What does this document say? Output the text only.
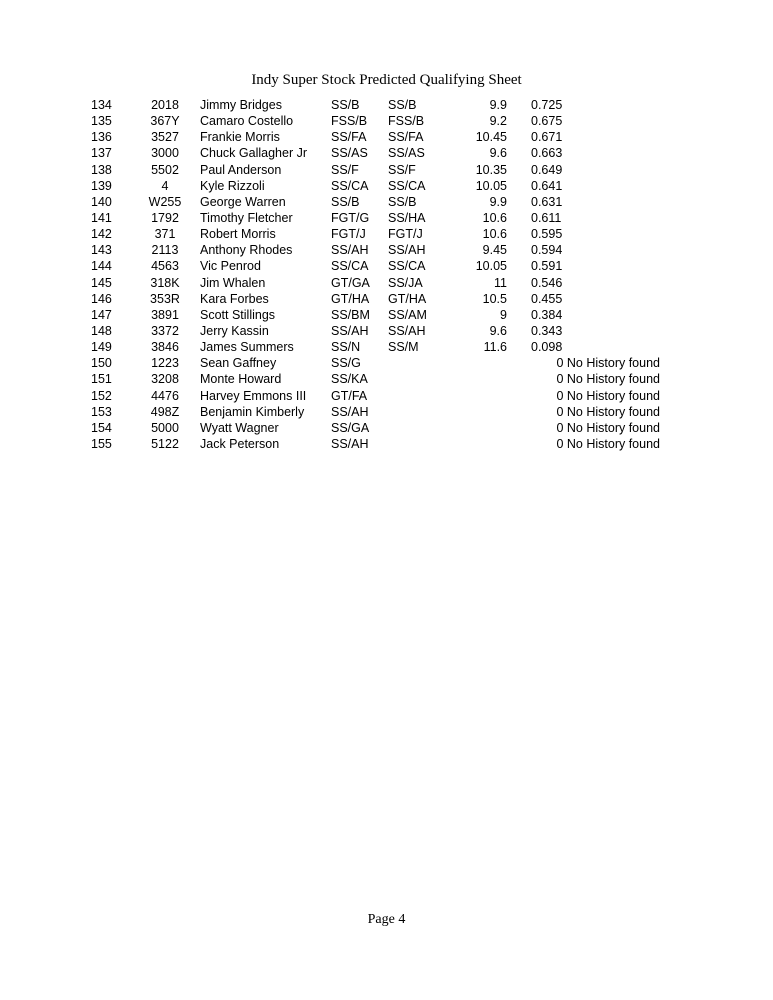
Indy Super Stock Predicted Qualifying Sheet
134	2018	Jimmy Bridges	SS/B SS/B	9.9 0.725
135	367Y	Camaro Costello	FSS/B FSS/B	9.2 0.675
136	3527	Frankie Morris	SS/FA SS/FA	10.45 0.671
137	3000	Chuck Gallagher Jr SS/AS SS/AS	9.6 0.663
138	5502	Paul Anderson	SS/F SS/F	10.35 0.649
139	4	Kyle Rizzoli	SS/CA SS/CA	10.05 0.641
140	W255	George Warren	SS/B SS/B	9.9 0.631
141	1792	Timothy Fletcher	FGT/G SS/HA	10.6 0.611
142	371	Robert Morris	FGT/J FGT/J	10.6 0.595
143	2113	Anthony Rhodes	SS/AH SS/AH	9.45 0.594
144	4563	Vic Penrod	SS/CA SS/CA	10.05 0.591
145	318K	Jim Whalen	GT/GA SS/JA	11 0.546
146	353R	Kara Forbes	GT/HA GT/HA	10.5 0.455
147	3891	Scott Stillings	SS/BM SS/AM	9 0.384
148	3372	Jerry Kassin	SS/AH SS/AH	9.6 0.343
149	3846	James Summers	SS/N SS/M	11.6 0.098
150	1223	Sean Gaffney	SS/G	0 No History found
151	3208	Monte Howard	SS/KA	0 No History found
152	4476	Harvey Emmons III GT/FA	0 No History found
153	498Z	Benjamin Kimberly SS/AH	0 No History found
154	5000	Wyatt Wagner	SS/GA	0 No History found
155	5122	Jack Peterson	SS/AH	0 No History found
Page 4
